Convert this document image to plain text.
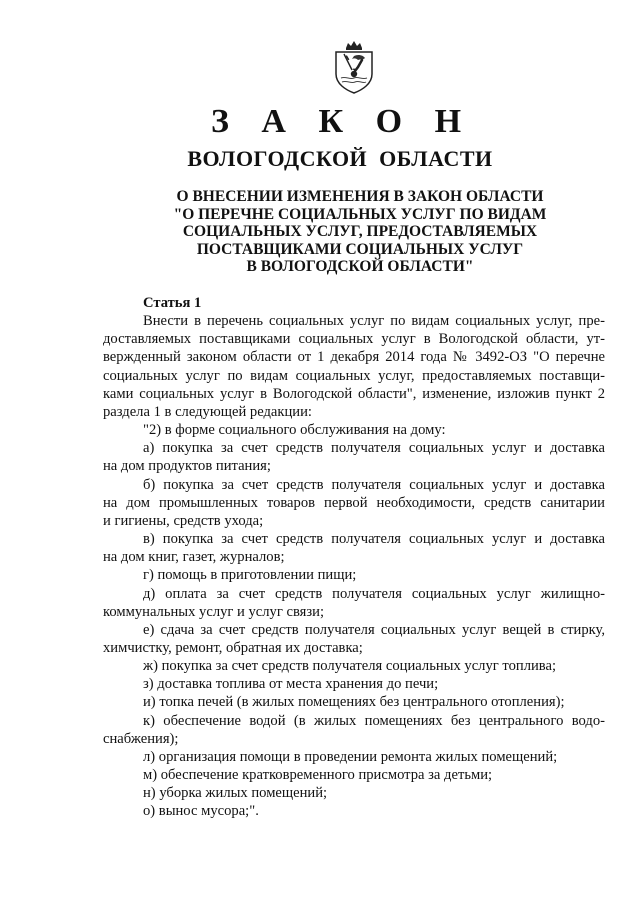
З А К О Н
ВОЛОГОДСКОЙ ОБЛАСТИ
О ВНЕСЕНИИ ИЗМЕНЕНИЯ В ЗАКОН ОБЛАСТИ
"О ПЕРЕЧНЕ СОЦИАЛЬНЫХ УСЛУГ ПО ВИДАМ
СОЦИАЛЬНЫХ УСЛУГ, ПРЕДОСТАВЛЯЕМЫХ
ПОСТАВЩИКАМИ СОЦИАЛЬНЫХ УСЛУГ
В ВОЛОГОДСКОЙ ОБЛАСТИ"
Статья 1
Внести в перечень социальных услуг по видам социальных услуг, пре-
доставляемых поставщиками социальных услуг в Вологодской области, ут-
вержденный законом области от 1 декабря 2014 года № 3492-ОЗ "О перечне
социальных услуг по видам социальных услуг, предоставляемых поставщи-
ками социальных услуг в Вологодской области", изменение, изложив пункт 2
раздела 1 в следующей редакции:
"2) в форме социального обслуживания на дому:
а) покупка за счет средств получателя социальных услуг и доставка
на дом продуктов питания;
б) покупка за счет средств получателя социальных услуг и доставка
на дом промышленных товаров первой необходимости, средств санитарии
и гигиены, средств ухода;
в) покупка за счет средств получателя социальных услуг и доставка
на дом книг, газет, журналов;
г) помощь в приготовлении пищи;
д) оплата за счет средств получателя социальных услуг жилищно-
коммунальных услуг и услуг связи;
е) сдача за счет средств получателя социальных услуг вещей в стирку,
химчистку, ремонт, обратная их доставка;
ж) покупка за счет средств получателя социальных услуг топлива;
з) доставка топлива от места хранения до печи;
и) топка печей (в жилых помещениях без центрального отопления);
к) обеспечение водой (в жилых помещениях без центрального водо-
снабжения);
л) организация помощи в проведении ремонта жилых помещений;
м) обеспечение кратковременного присмотра за детьми;
н) уборка жилых помещений;
о) вынос мусора;".
